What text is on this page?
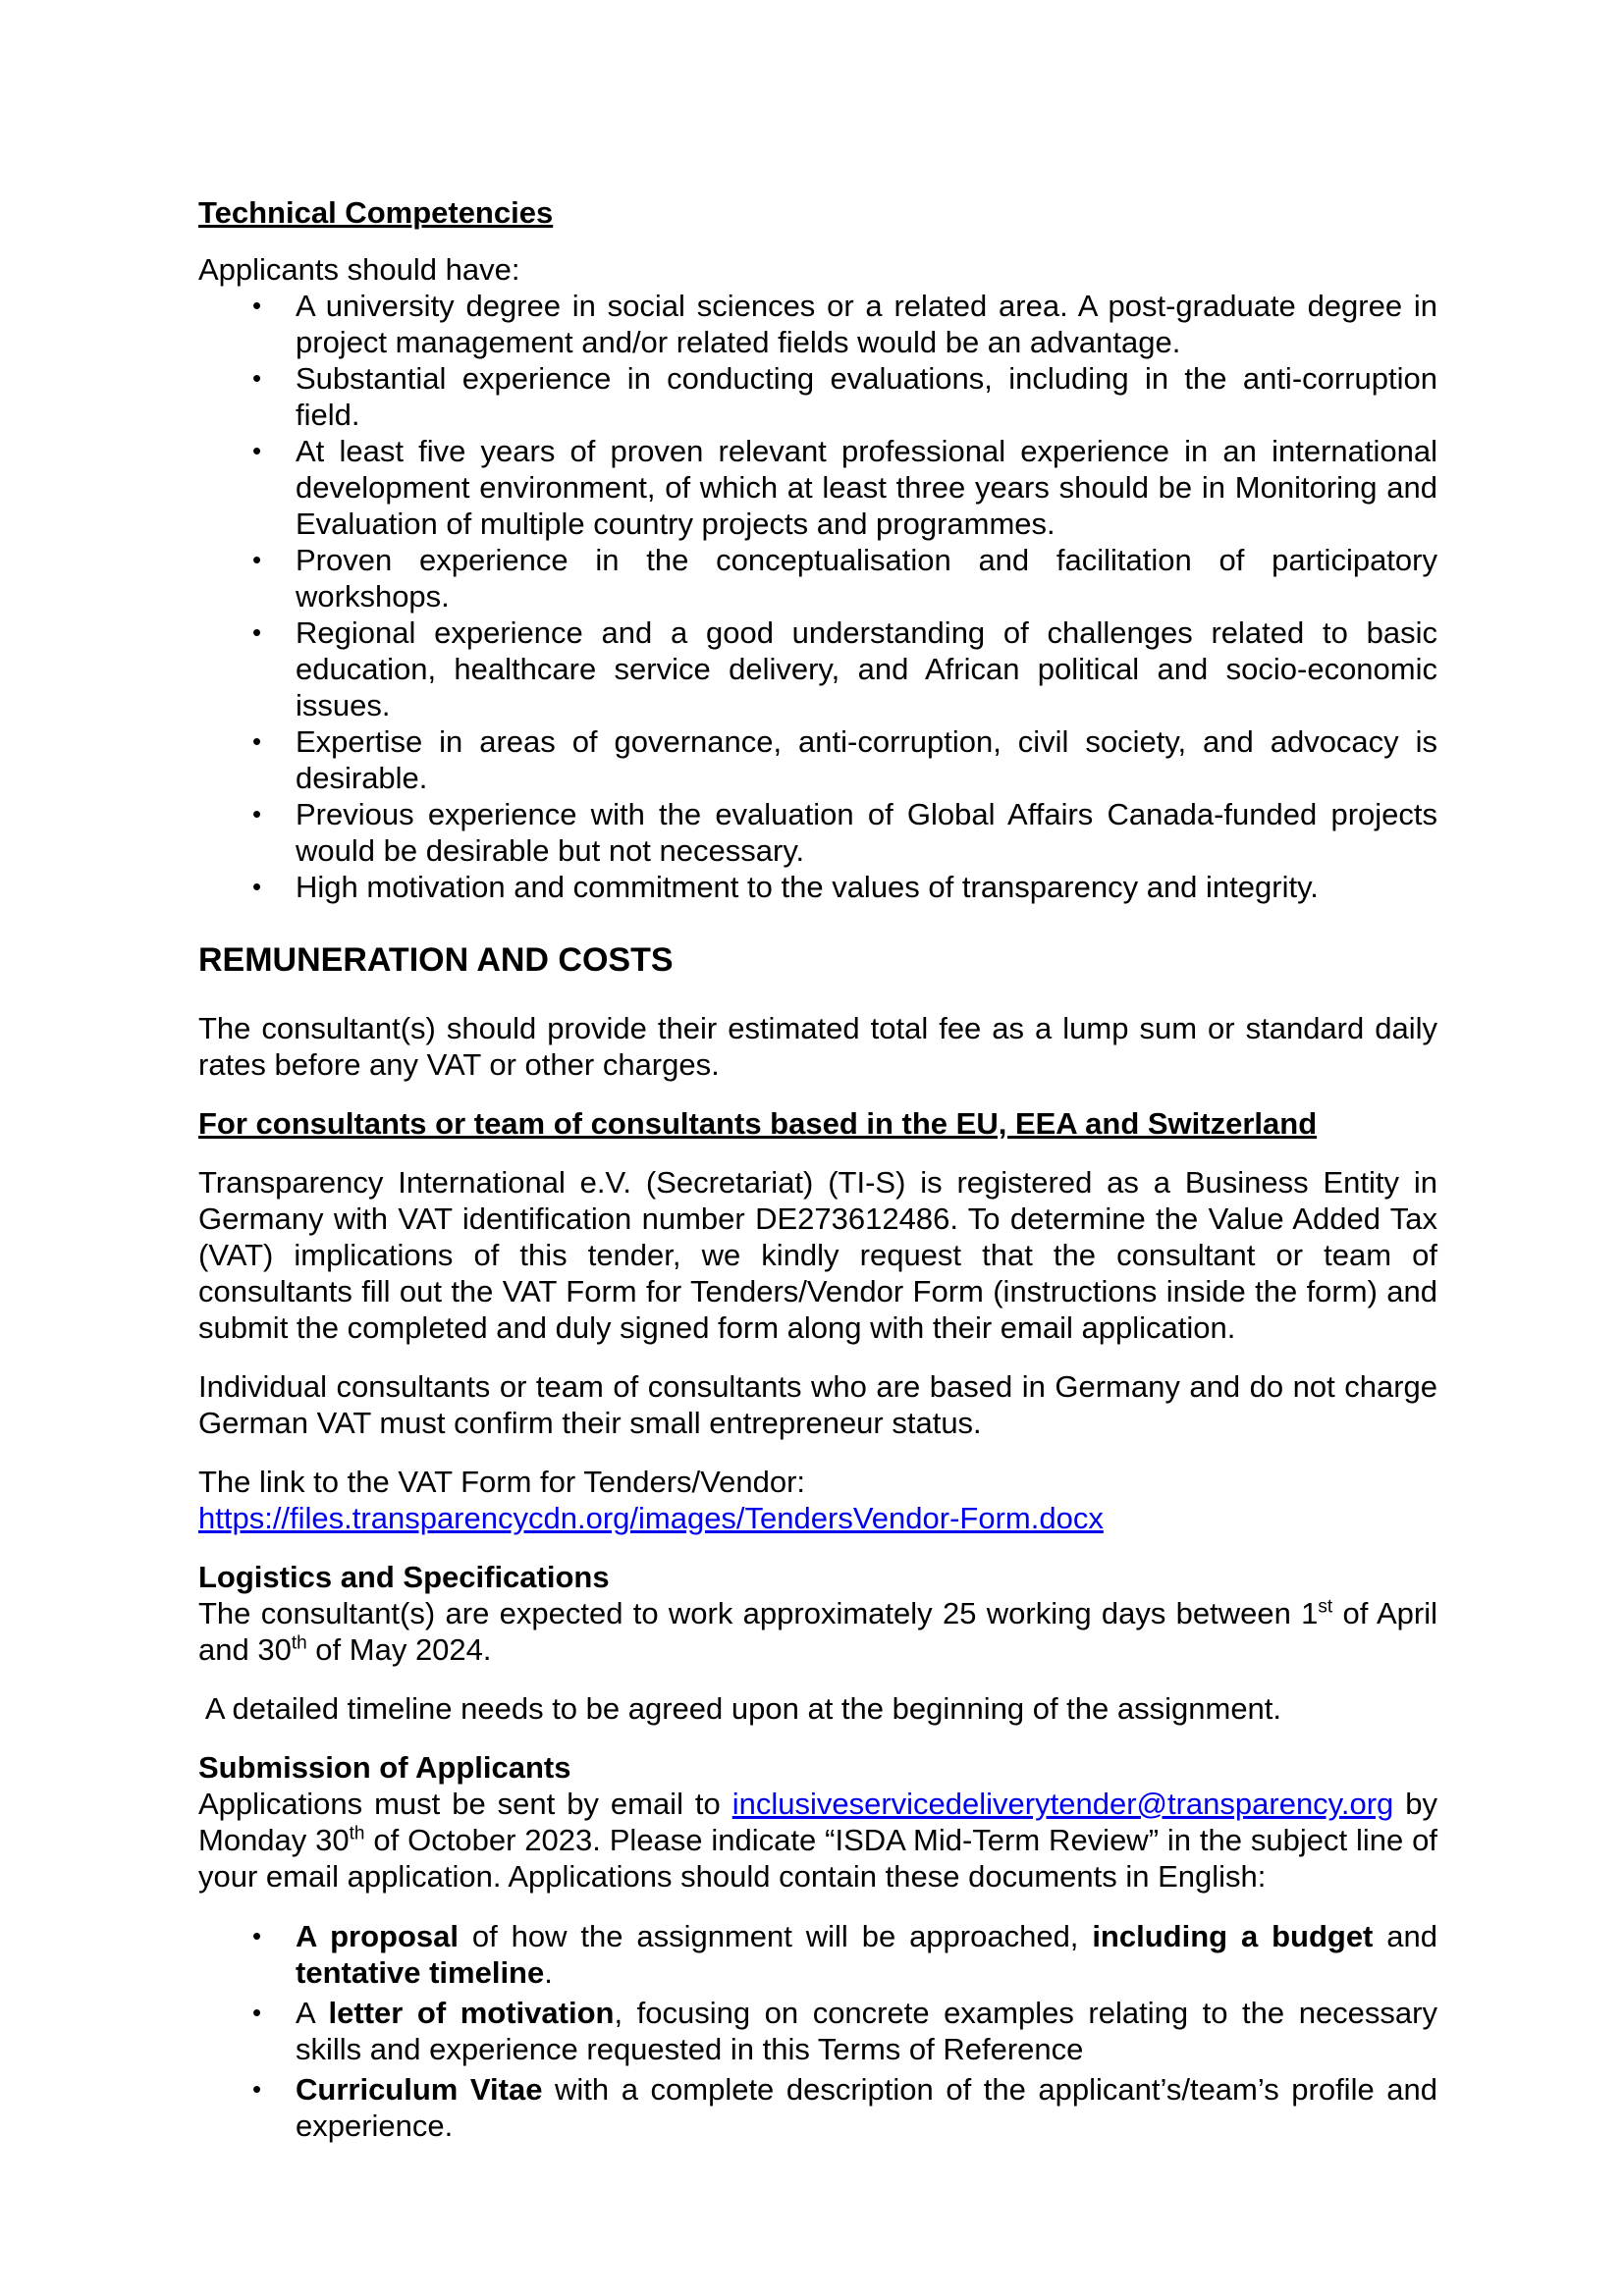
Technical Competencies

Applicants should have:

• A university degree in social sciences or a related area. A post-graduate degree in project management and/or related fields would be an advantage.
• Substantial experience in conducting evaluations, including in the anti-corruption field.
• At least five years of proven relevant professional experience in an international development environment, of which at least three years should be in Monitoring and Evaluation of multiple country projects and programmes.
• Proven experience in the conceptualisation and facilitation of participatory workshops.
• Regional experience and a good understanding of challenges related to basic education, healthcare service delivery, and African political and socio-economic issues.
• Expertise in areas of governance, anti-corruption, civil society, and advocacy is desirable.
• Previous experience with the evaluation of Global Affairs Canada-funded projects would be desirable but not necessary.
• High motivation and commitment to the values of transparency and integrity.
REMUNERATION AND COSTS

The consultant(s) should provide their estimated total fee as a lump sum or standard daily rates before any VAT or other charges.

For consultants or team of consultants based in the EU, EEA and Switzerland

Transparency International e.V. (Secretariat) (TI-S) is registered as a Business Entity in Germany with VAT identification number DE273612486. To determine the Value Added Tax (VAT) implications of this tender, we kindly request that the consultant or team of consultants fill out the VAT Form for Tenders/Vendor Form (instructions inside the form) and submit the completed and duly signed form along with their email application.

Individual consultants or team of consultants who are based in Germany and do not charge German VAT must confirm their small entrepreneur status.

The link to the VAT Form for Tenders/Vendor:

https://files.transparencycdn.org/images/TendersVendor-Form.docx

Logistics and Specifications

The consultant(s) are expected to work approximately 25 working days between 1st of April and 30th of May 2024.

A detailed timeline needs to be agreed upon at the beginning of the assignment.

Submission of Applicants

Applications must be sent by email to inclusiveservicedeliverytender@transparency.org by Monday 30th of October 2023. Please indicate “ISDA Mid-Term Review” in the subject line of your email application. Applications should contain these documents in English:

• A proposal of how the assignment will be approached, including a budget and tentative timeline.
• A letter of motivation, focusing on concrete examples relating to the necessary skills and experience requested in this Terms of Reference
• Curriculum Vitae with a complete description of the applicant’s/team’s profile and experience.
